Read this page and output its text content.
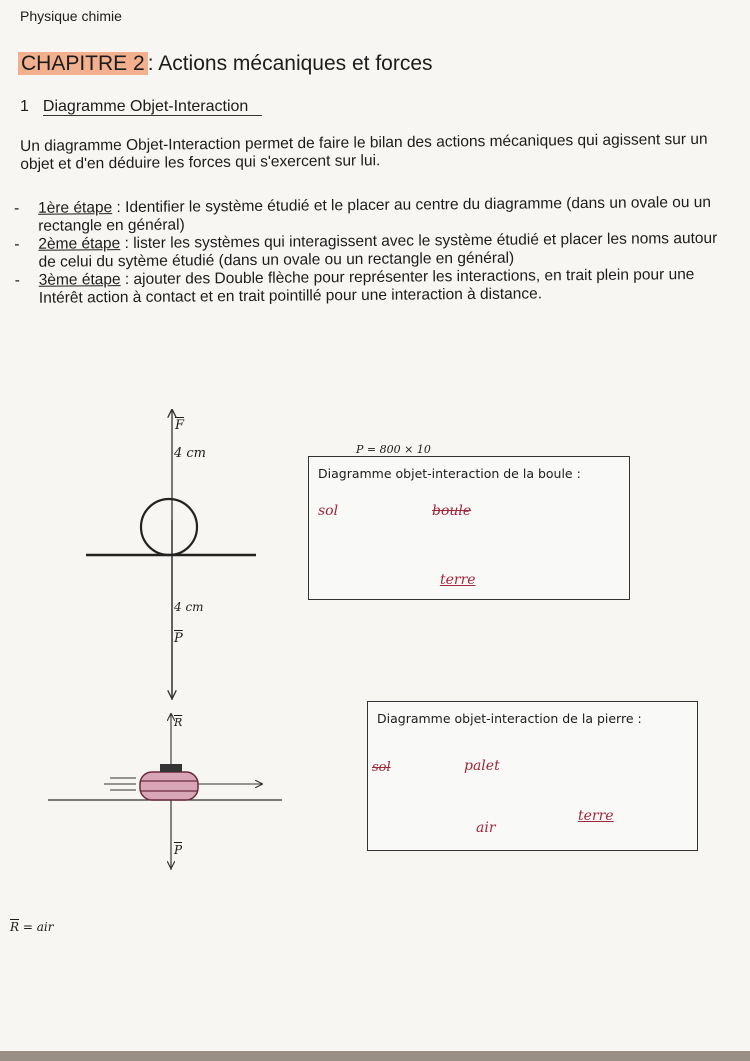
Physique chimie
CHAPITRE 2 : Actions mécaniques et forces
1 Diagramme Objet-Interaction
Un diagramme Objet-Interaction permet de faire le bilan des actions mécaniques qui agissent sur un objet et d'en déduire les forces qui s'exercent sur lui.
-	1ère étape : Identifier le système étudié et le placer au centre du diagramme (dans un ovale ou un rectangle en général)
-	2ème étape : lister les systèmes qui interagissent avec le système étudié et placer les noms autour de celui du sytème étudié (dans un ovale ou un rectangle en général)
-	3ème étape : ajouter des Double flèche pour représenter les interactions, en trait plein pour une Intérêt action à contact et en trait pointillé pour une interaction à distance.
$\overline{F}$
4 cm
4 cm
$\overline{P}$
P = 800 × 10
Diagramme objet-interaction de la boule :
sol	boule
terre
$\overline{R}$
$\overline{P}$
Diagramme objet-interaction de la pierre :
sol	palet
air
terre
$\overline{R}$ = air
